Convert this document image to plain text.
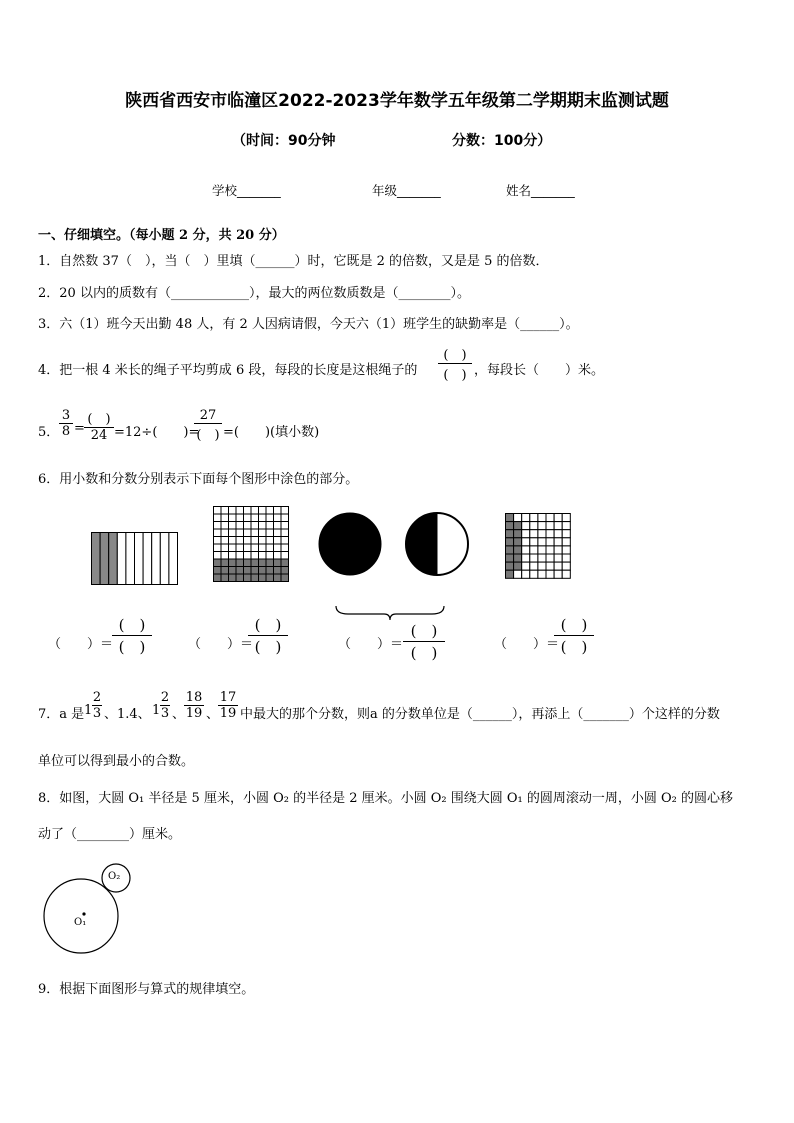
陕西省西安市临潼区2022-2023学年数学五年级第二学期期末监测试题
（时间：90分钟	分数：100分）
学校_______	年级_______	姓名_______
一、仔细填空。（每小题 2 分，共 20 分）
1．自然数 37（　），当（　）里填（______）时，它既是 2 的倍数，又是是 5 的倍数．
2．20 以内的质数有（____________），最大的两位数质数是（________）。
3．六（1）班今天出勤 48 人，有 2 人因病请假，今天六（1）班学生的缺勤率是（______）。
4．把一根 4 米长的绳子平均剪成 6 段，每段的长度是这根绳子的
(　)
(　) ，每段长（　　）米。
5．
3
8 =
(　)
24 =12÷(　　)=
27
(　) =(　　)(填小数)
6．用小数和分数分别表示下面每个图形中涂色的部分。
（　　）＝
(　)
(　)	（　　）＝
(　)
(　)	（　　）＝
(　)
(　)	（　　）＝
(　)
(　)
7．a 是 1
2
3 、1.4、 1
2
3 、
18
19 、
17
19 中最大的那个分数，则a 的分数单位是（______），再添上（_______）个这样的分数
单位可以得到最小的合数。
8．如图，大圆 O₁ 半径是 5 厘米，小圆 O₂ 的半径是 2 厘米。小圆 O₂ 围绕大圆 O₁ 的圆周滚动一周，小圆 O₂ 的圆心移
动了（________）厘米。
O₁
O₂
9．根据下面图形与算式的规律填空。
